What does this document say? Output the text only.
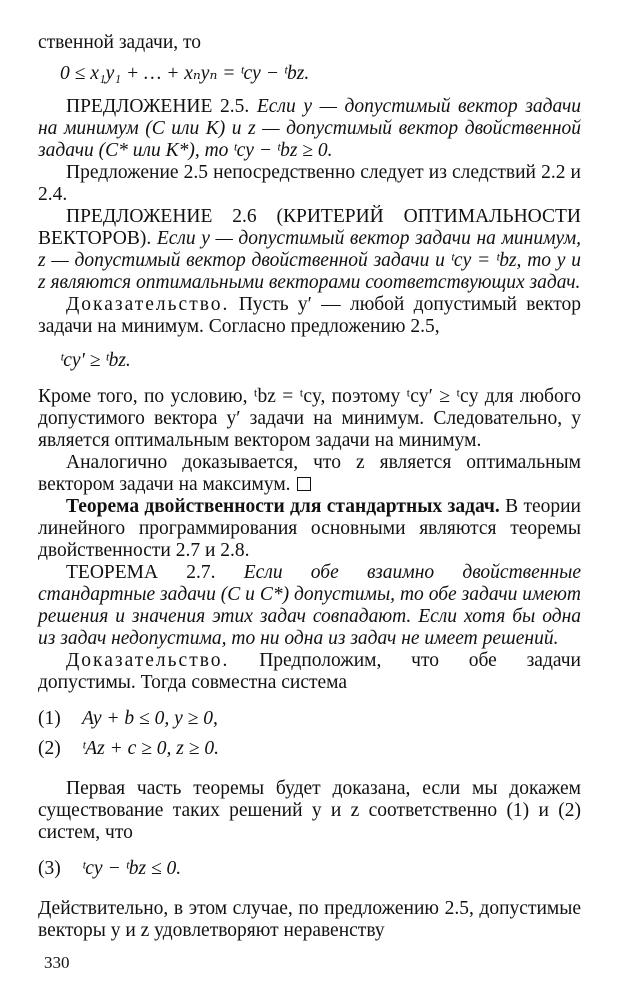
ственной задачи, то

0 ≤ x₁y₁ + … + xₙyₙ = ᵗcy − ᵗbz.

ПРЕДЛОЖЕНИЕ 2.5. Если y — допустимый вектор задачи на минимум (С или К) и z — допустимый вектор двойственной задачи (С* или К*), то ᵗcy − ᵗbz ≥ 0.

Предложение 2.5 непосредственно следует из следствий 2.2 и 2.4.

ПРЕДЛОЖЕНИЕ 2.6 (КРИТЕРИЙ ОПТИМАЛЬНОСТИ ВЕКТОРОВ). Если y — допустимый вектор задачи на минимум, z — допустимый вектор двойственной задачи и ᵗcy = ᵗbz, то y и z являются оптимальными векторами соответствующих задач.

Доказательство. Пусть y′ — любой допустимый вектор задачи на минимум. Согласно предложению 2.5,

ᵗcy′ ≥ ᵗbz.

Кроме того, по условию, ᵗbz = ᵗcy, поэтому ᵗcy′ ≥ ᵗcy для любого допустимого вектора y′ задачи на минимум. Следовательно, y является оптимальным вектором задачи на минимум.

Аналогично доказывается, что z является оптимальным вектором задачи на максимум.

Теорема двойственности для стандартных задач. В теории линейного программирования основными являются теоремы двойственности 2.7 и 2.8.

ТЕОРЕМА 2.7. Если обе взаимно двойственные стандартные задачи (С и С*) допустимы, то обе задачи имеют решения и значения этих задач совпадают. Если хотя бы одна из задач недопустима, то ни одна из задач не имеет решений.

Доказательство. Предположим, что обе задачи допустимы. Тогда совместна система

(1)	Ay + b ≤ 0, y ≥ 0,
(2)	ᵗAz + c ≥ 0, z ≥ 0.

Первая часть теоремы будет доказана, если мы докажем существование таких решений y и z соответственно (1) и (2) систем, что

(3)	ᵗcy − ᵗbz ≤ 0.

Действительно, в этом случае, по предложению 2.5, допустимые векторы y и z удовлетворяют неравенству

330
